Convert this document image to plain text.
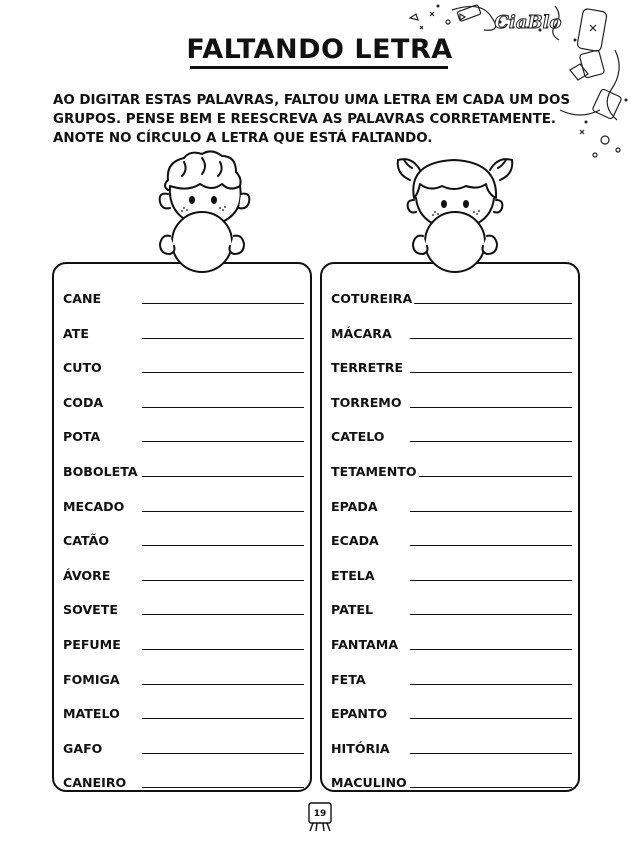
CiaBlo
FALTANDO LETRA
AO DIGITAR ESTAS PALAVRAS, FALTOU UMA LETRA EM CADA UM DOS
GRUPOS. PENSE BEM E REESCREVA AS PALAVRAS CORRETAMENTE.
ANOTE NO CÍRCULO A LETRA QUE ESTÁ FALTANDO.
CANE
ATE
CUTO
CODA
POTA
BOBOLETA
MECADO
CATÃO
ÁVORE
SOVETE
PEFUME
FOMIGA
MATELO
GAFO
CANEIRO
COTUREIRA
MÁCARA
TERRETRE
TORREMO
CATELO
TETAMENTO
EPADA
ECADA
ETELA
PATEL
FANTAMA
FETA
EPANTO
HITÓRIA
MACULINO
19
